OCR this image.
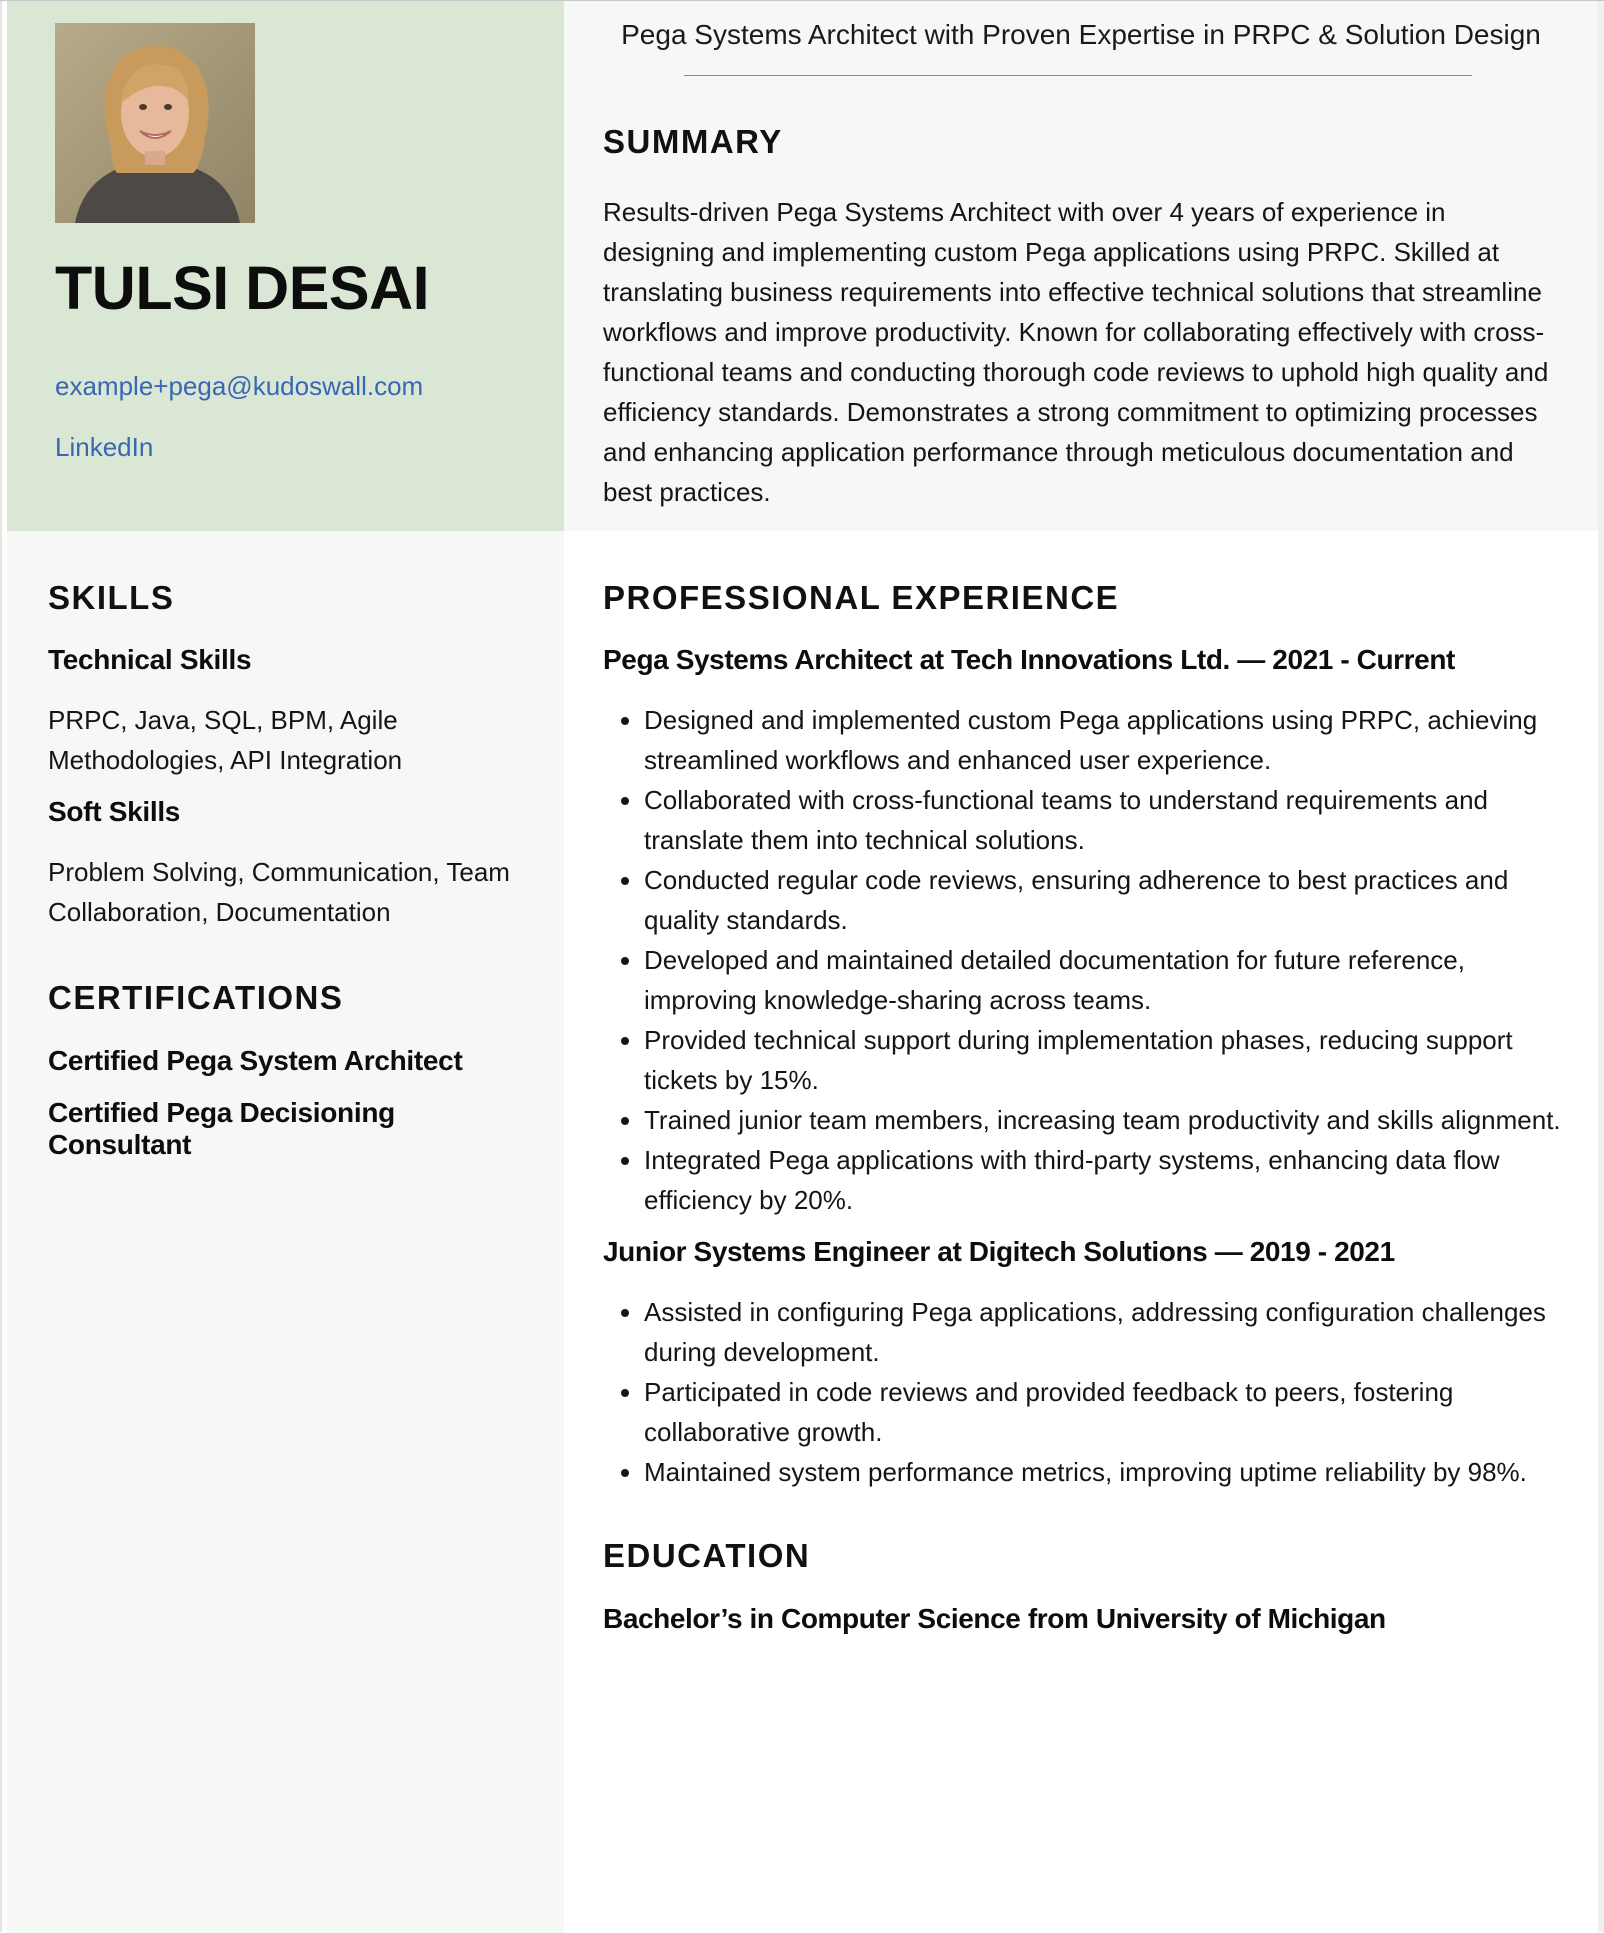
TULSI DESAI
example+pega@kudoswall.com
LinkedIn
Pega Systems Architect with Proven Expertise in PRPC & Solution Design
SUMMARY

Results-driven Pega Systems Architect with over 4 years of experience in designing and implementing custom Pega applications using PRPC. Skilled at translating business requirements into effective technical solutions that streamline workflows and improve productivity. Known for collaborating effectively with cross-functional teams and conducting thorough code reviews to uphold high quality and efficiency standards. Demonstrates a strong commitment to optimizing processes and enhancing application performance through meticulous documentation and best practices.

SKILLS
Technical Skills

PRPC, Java, SQL, BPM, Agile Methodologies, API Integration

Soft Skills

Problem Solving, Communication, Team Collaboration, Documentation

CERTIFICATIONS

Certified Pega System Architect

Certified Pega Decisioning Consultant

PROFESSIONAL EXPERIENCE
Pega Systems Architect at Tech Innovations Ltd. — 2021 - Current
Designed and implemented custom Pega applications using PRPC, achieving streamlined workflows and enhanced user experience.
Collaborated with cross-functional teams to understand requirements and translate them into technical solutions.
Conducted regular code reviews, ensuring adherence to best practices and quality standards.
Developed and maintained detailed documentation for future reference, improving knowledge-sharing across teams.
Provided technical support during implementation phases, reducing support tickets by 15%.
Trained junior team members, increasing team productivity and skills alignment.
Integrated Pega applications with third-party systems, enhancing data flow efficiency by 20%.
Junior Systems Engineer at Digitech Solutions — 2019 - 2021
Assisted in configuring Pega applications, addressing configuration challenges during development.
Participated in code reviews and provided feedback to peers, fostering collaborative growth.
Maintained system performance metrics, improving uptime reliability by 98%.
EDUCATION
Bachelor’s in Computer Science from University of Michigan
